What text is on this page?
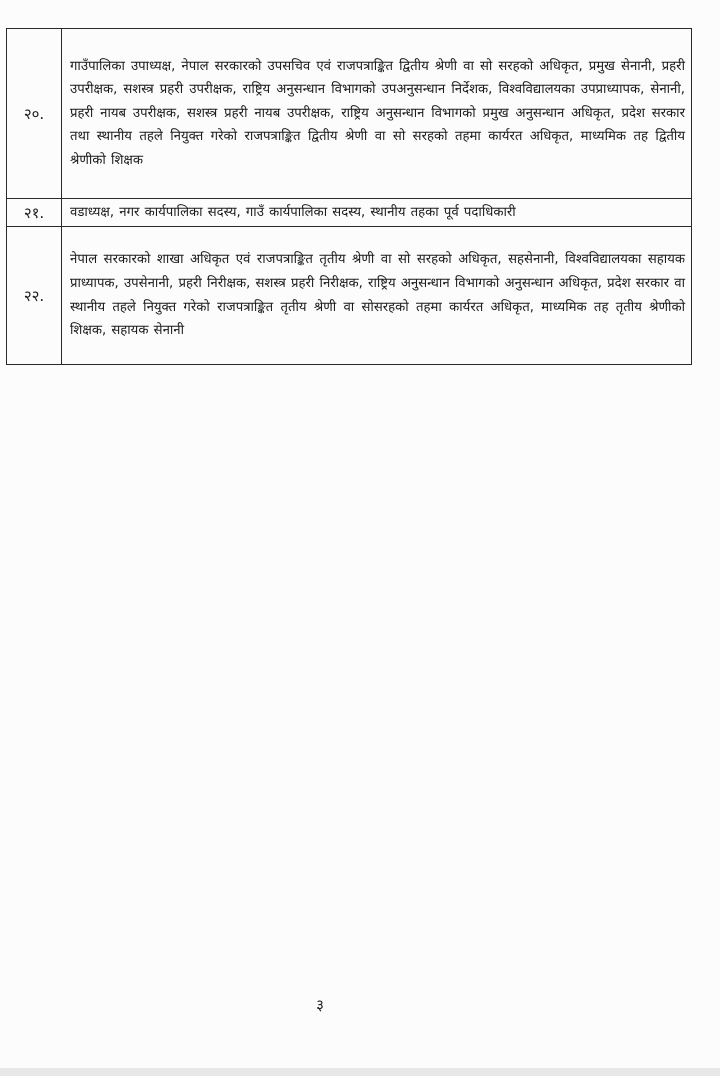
२०.	गाउँपालिका उपाध्यक्ष, नेपाल सरकारको उपसचिव एवं राजपत्राङ्कित द्वितीय श्रेणी वा सो सरहको अधिकृत, प्रमुख सेनानी, प्रहरी उपरीक्षक, सशस्त्र प्रहरी उपरीक्षक, राष्ट्रिय अनुसन्धान विभागको उपअनुसन्धान निर्देशक, विश्वविद्यालयका उपप्राध्यापक, सेनानी, प्रहरी नायब उपरीक्षक, सशस्त्र प्रहरी नायब उपरीक्षक, राष्ट्रिय अनुसन्धान विभागको प्रमुख अनुसन्धान अधिकृत, प्रदेश सरकार तथा स्थानीय तहले नियुक्त गरेको राजपत्राङ्कित द्वितीय श्रेणी वा सो सरहको तहमा कार्यरत अधिकृत, माध्यमिक तह द्वितीय श्रेणीको शिक्षक
२१.	वडाध्यक्ष, नगर कार्यपालिका सदस्य, गाउँ कार्यपालिका सदस्य, स्थानीय तहका पूर्व पदाधिकारी
२२.	नेपाल सरकारको शाखा अधिकृत एवं राजपत्राङ्कित तृतीय श्रेणी वा सो सरहको अधिकृत, सहसेनानी, विश्वविद्यालयका सहायक प्राध्यापक, उपसेनानी, प्रहरी निरीक्षक, सशस्त्र प्रहरी निरीक्षक, राष्ट्रिय अनुसन्धान विभागको अनुसन्धान अधिकृत, प्रदेश सरकार वा स्थानीय तहले नियुक्त गरेको राजपत्राङ्कित तृतीय श्रेणी वा सोसरहको तहमा कार्यरत अधिकृत, माध्यमिक तह तृतीय श्रेणीको शिक्षक, सहायक सेनानी
३
